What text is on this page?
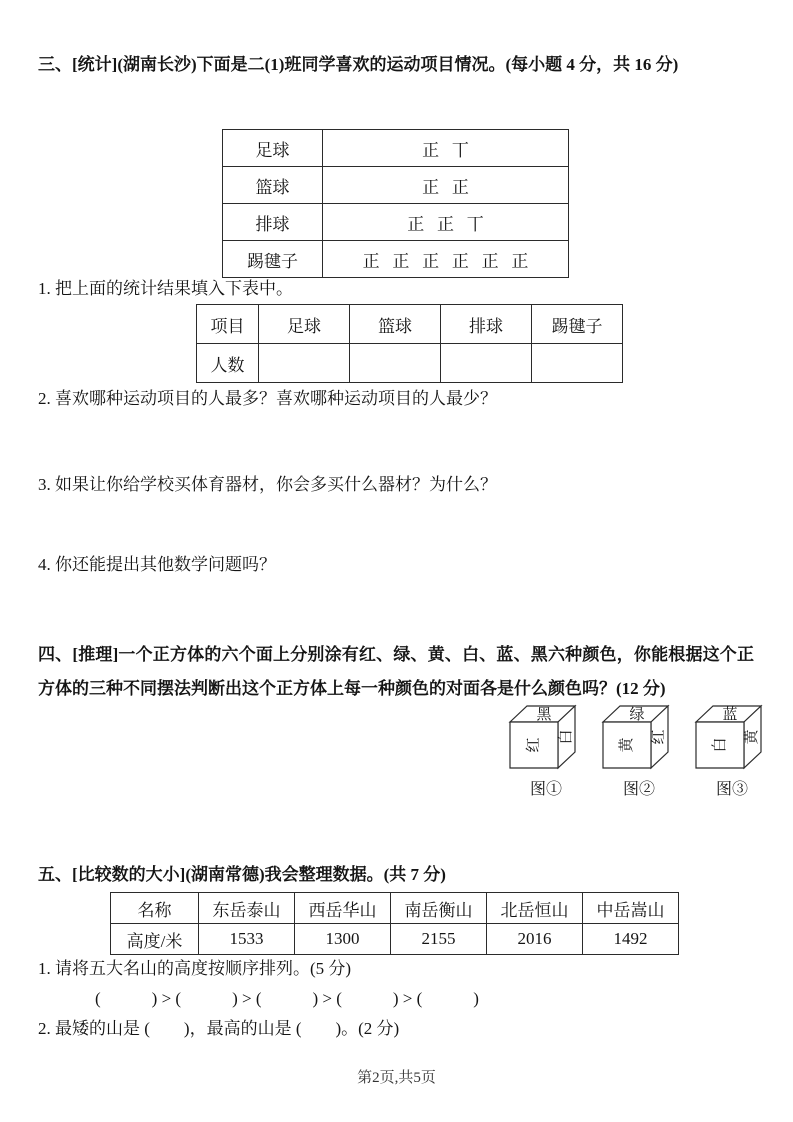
三、[统计](湖南长沙)下面是二(1)班同学喜欢的运动项目情况。(每小题 4 分，共 16 分)
足球	正   丅
篮球	正   正
排球	正   正   丅
踢毽子	正   正   正   正   正   正
1. 把上面的统计结果填入下表中。
项目	足球	篮球	排球	踢毽子
人数				
2. 喜欢哪种运动项目的人最多？喜欢哪种运动项目的人最少？
3. 如果让你给学校买体育器材，你会多买什么器材？为什么？
4. 你还能提出其他数学问题吗？
四、[推理]一个正方体的六个面上分别涂有红、绿、黄、白、蓝、黑六种颜色，你能根据这个正方体的三种不同摆法判断出这个正方体上每一种颜色的对面各是什么颜色吗？(12 分)
黑
红
白
图①
绿
黄
红
图②
蓝
白
黄
图③
五、[比较数的大小](湖南常德)我会整理数据。(共 7 分)
名称	东岳泰山	西岳华山	南岳衡山	北岳恒山	中岳嵩山
高度/米	1533	1300	2155	2016	1492
1. 请将五大名山的高度按顺序排列。(5 分)
(            ) > (            ) > (            ) > (            ) > (            )
2. 最矮的山是 (        )，最高的山是 (        )。(2 分)
第2页,共5页
